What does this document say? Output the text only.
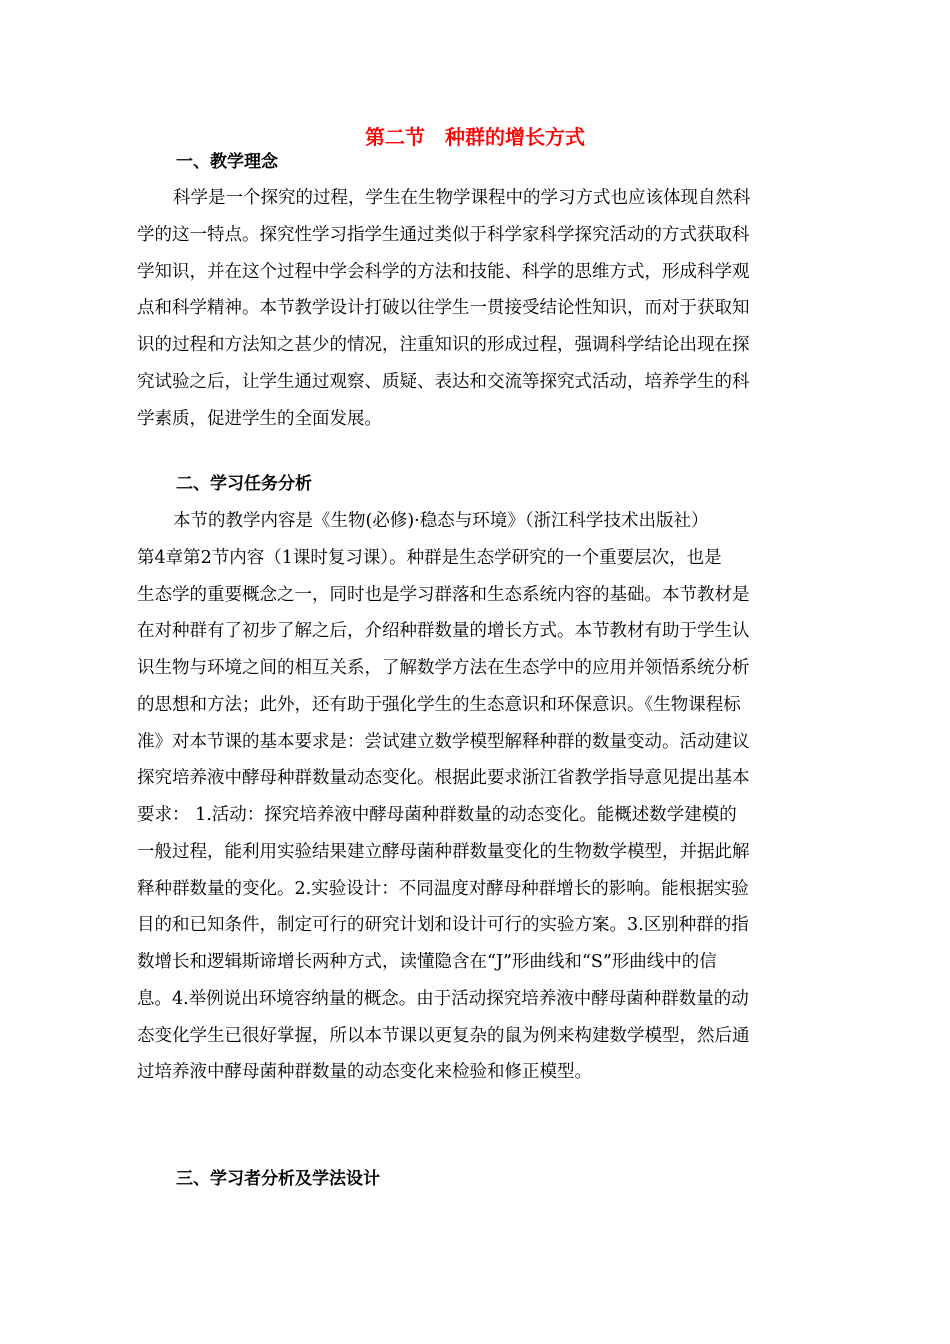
第二节　种群的增长方式
一、教学理念
科学是一个探究的过程，学生在生物学课程中的学习方式也应该体现自然科
学的这一特点。探究性学习指学生通过类似于科学家科学探究活动的方式获取科
学知识，并在这个过程中学会科学的方法和技能、科学的思维方式，形成科学观
点和科学精神。本节教学设计打破以往学生一贯接受结论性知识，而对于获取知
识的过程和方法知之甚少的情况，注重知识的形成过程，强调科学结论出现在探
究试验之后，让学生通过观察、质疑、表达和交流等探究式活动，培养学生的科
学素质，促进学生的全面发展。
二、学习任务分析
本节的教学内容是《生物(必修)·稳态与环境》（浙江科学技术出版社）
第4章第2节内容（1课时复习课）。种群是生态学研究的一个重要层次，也是
生态学的重要概念之一，同时也是学习群落和生态系统内容的基础。本节教材是
在对种群有了初步了解之后，介绍种群数量的增长方式。本节教材有助于学生认
识生物与环境之间的相互关系，了解数学方法在生态学中的应用并领悟系统分析
的思想和方法；此外，还有助于强化学生的生态意识和环保意识。《生物课程标
准》对本节课的基本要求是：尝试建立数学模型解释种群的数量变动。活动建议
探究培养液中酵母种群数量动态变化。根据此要求浙江省教学指导意见提出基本
要求： 1.活动：探究培养液中酵母菌种群数量的动态变化。能概述数学建模的
一般过程，能利用实验结果建立酵母菌种群数量变化的生物数学模型，并据此解
释种群数量的变化。2.实验设计：不同温度对酵母种群增长的影响。能根据实验
目的和已知条件，制定可行的研究计划和设计可行的实验方案。3.区别种群的指
数增长和逻辑斯谛增长两种方式，读懂隐含在“J”形曲线和“S”形曲线中的信
息。4.举例说出环境容纳量的概念。由于活动探究培养液中酵母菌种群数量的动
态变化学生已很好掌握，所以本节课以更复杂的鼠为例来构建数学模型，然后通
过培养液中酵母菌种群数量的动态变化来检验和修正模型。
三、学习者分析及学法设计
